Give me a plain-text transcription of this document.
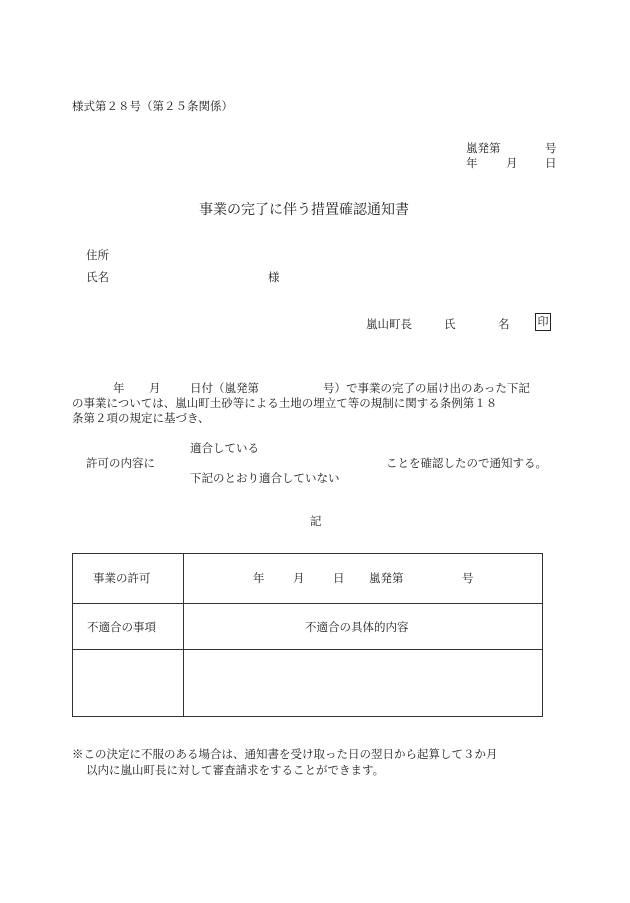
様式第２８号（第２５条関係）
嵐発第	号
年 月 日
事業の完了に伴う措置確認通知書
住所
氏名	様
嵐山町長	氏	名	印
年 月	日付（嵐発第	号）で事業の完了の届け出のあった下記
の事業については、嵐山町土砂等による土地の埋立て等の規制に関する条例第１８
条第２項の規定に基づき、
適合している
許可の内容に	ことを確認したので通知する。
下記のとおり適合していない
記
事業の許可	年 月 日 嵐発第	号
不適合の事項	不適合の具体的内容
※この決定に不服のある場合は、通知書を受け取った日の翌日から起算して３か月
以内に嵐山町長に対して審査請求をすることができます。
